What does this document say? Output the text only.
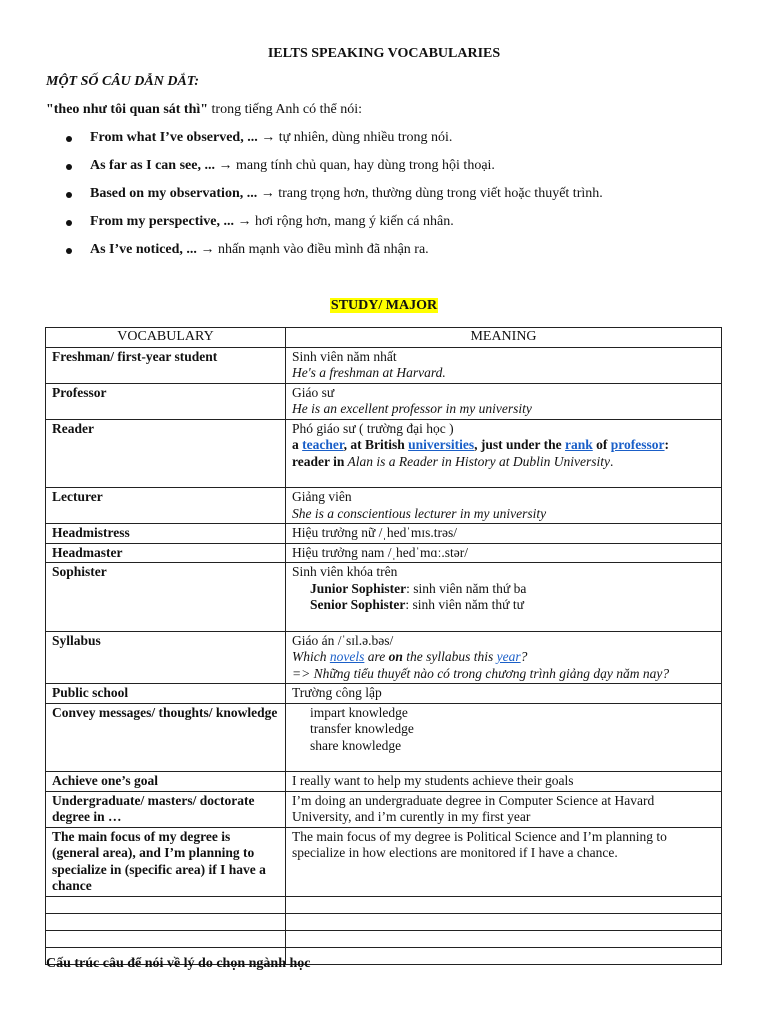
IELTS SPEAKING VOCABULARIES
MỘT SỐ CÂU DẪN DẮT:
"theo như tôi quan sát thì" trong tiếng Anh có thể nói:
From what I’ve observed, ... → tự nhiên, dùng nhiều trong nói.
As far as I can see, ... → mang tính chủ quan, hay dùng trong hội thoại.
Based on my observation, ... → trang trọng hơn, thường dùng trong viết hoặc thuyết trình.
From my perspective, ... → hơi rộng hơn, mang ý kiến cá nhân.
As I’ve noticed, ... → nhấn mạnh vào điều mình đã nhận ra.
STUDY/ MAJOR
VOCABULARY	MEANING
Freshman/ first-year student	Sinh viên năm nhất
He's a freshman at Harvard.

Professor	Giáo sư
He is an excellent professor in my university

Reader	Phó giáo sư ( trường đại học )
a teacher, at British universities, just under the rank of professor:
reader in Alan is a Reader in History at Dublin University.

Lecturer	Giảng viên
She is a conscientious lecturer in my university

Headmistress	Hiệu trưởng nữ /ˌhedˈmɪs.trəs/
Headmaster	Hiệu trưởng nam /ˌhedˈmɑː.stər/
Sophister	Sinh viên khóa trên
Junior Sophister: sinh viên năm thứ ba
Senior Sophister: sinh viên năm thứ tư

Syllabus	Giáo án /ˈsɪl.ə.bəs/
Which novels are on the syllabus this year?
=> Những tiểu thuyết nào có trong chương trình giảng dạy năm nay?

Public school	Trường công lập
Convey messages/ thoughts/ knowledge	impart knowledge
transfer knowledge
share knowledge

Achieve one’s goal	I really want to help my students achieve their goals
Undergraduate/ masters/ doctorate degree in …	I’m doing an undergraduate degree in Computer Science at Havard University, and i’m curently in my first year
The main focus of my degree is (general area), and I’m planning to specialize in (specific area) if I have a chance	The main focus of my degree is Political Science and I’m planning to specialize in how elections are monitored if I have a chance.

Cấu trúc câu để nói về lý do chọn ngành học
